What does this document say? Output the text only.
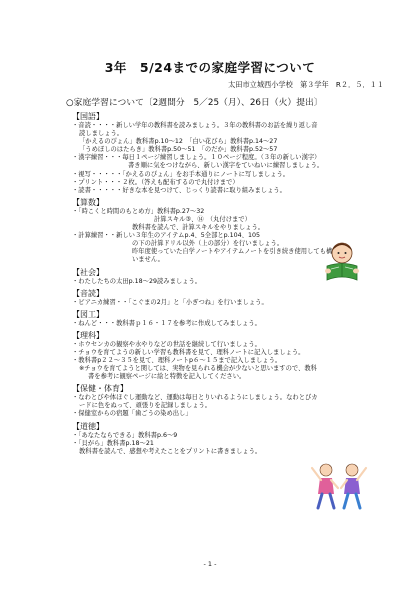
3年　5/24までの家庭学習について
太田市立城西小学校　第３学年　R２．５．１１
○家庭学習について〔2週間分　5／25（月）、26日（火）提出〕
【国語】
・音読・・・・新しい学年の教科書を読みましょう。３年の教科書のお話を繰り返し音
読しましょう。
「かえるのぴょん」教科書p.10～12　「白い花びら」教科書p.14～27
「うめぼしのはたらき」教科書p.50～51　「のだか」教科書p.52～57
・漢字練習・・・毎日１ページ練習しましょう。１０ページ程度。（３年の新しい漢字）
書き順に気をつけながら、新しい漢字をていねいに練習しましょう。
・視写・・・・・「かえるのぴょん」をお手本通りにノートに写しましょう。
・プリント・・・２枚。（答えも配布するので丸付けまで）
・読書・・・・・好きな本を見つけて、じっくり読書に取り組みましょう。
【算数】
・「時こくと時間のもとめ方」教科書p.27～32
計算スキル③、⑭　（丸付けまで）
教科書を読んで、計算スキルをやりましょう。
・計算練習・・新しい３年生のアイテムp.4、5全部とp.104、105
の下の計算ドリル以外（上の部分）を行いましょう。
昨年度使っていた自学ノートやアイテムノートを引き続き使用しても構
いません。
【社会】
・わたしたちの太田p.18～29読みましょう。
【音読】
・ピアニカ練習・・「こぐまの2月」と「小ぎつね」を行いましょう。
【図工】
・ねんど・・・教科書ｐ１６・１７を参考に作成してみましょう。
【理科】
・ホウセンカの観察や水やりなどの世話を継続して行いましょう。
・チョウを育てようの新しい学習も教科書を見て、理科ノートに記入しましょう。
・教科書p２２～３５を見て、理科ノートp６～１５まで記入しましょう。
※チョウを育てようと関しては、実物を見られる機会が少ないと思いますので、教科
書を参考に観察ページに絵と特徴を記入してください。
【保健・体育】
・なわとびや体ほぐし運動など、運動は毎日とりいれるようにしましょう。なわとびカ
ードに色をぬって、頑張りを記録しましょう。
・保健室からの宿題「歯ごうの染め出し」
【道徳】
・「あなたならできる」教科書p.6～9
・「貝がら」教科書p.18～21
教科書を読んで、感想や考えたことをプリントに書きましょう。
- 1 -
